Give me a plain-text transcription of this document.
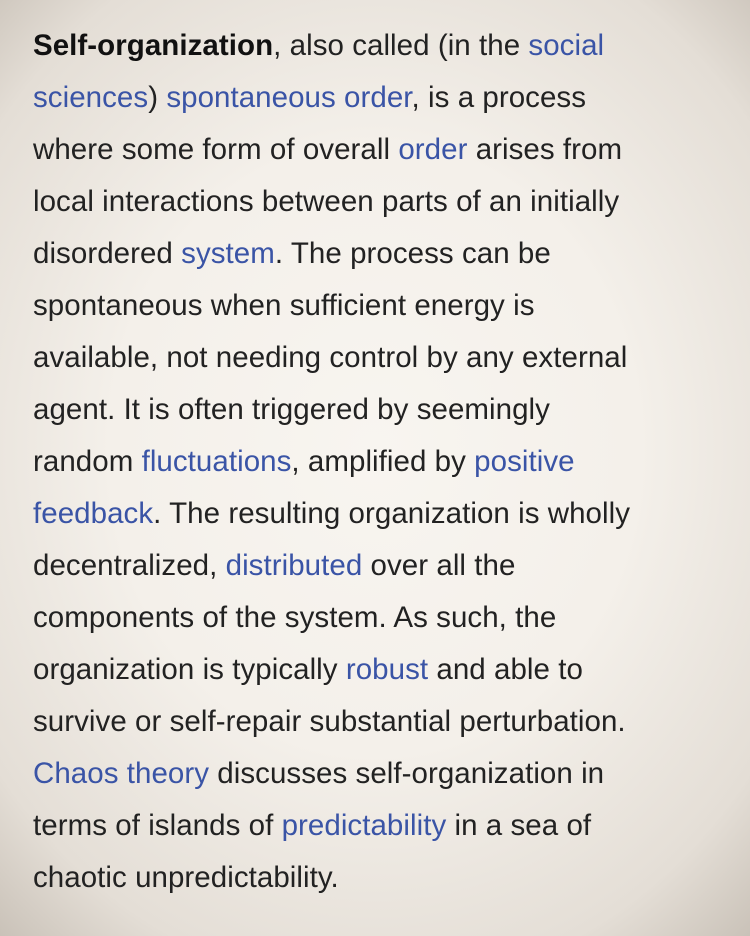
Self-organization, also called (in the social
sciences) spontaneous order, is a process
where some form of overall order arises from
local interactions between parts of an initially
disordered system. The process can be
spontaneous when sufficient energy is
available, not needing control by any external
agent. It is often triggered by seemingly
random fluctuations, amplified by positive
feedback. The resulting organization is wholly
decentralized, distributed over all the
components of the system. As such, the
organization is typically robust and able to
survive or self-repair substantial perturbation.
Chaos theory discusses self-organization in
terms of islands of predictability in a sea of
chaotic unpredictability.
